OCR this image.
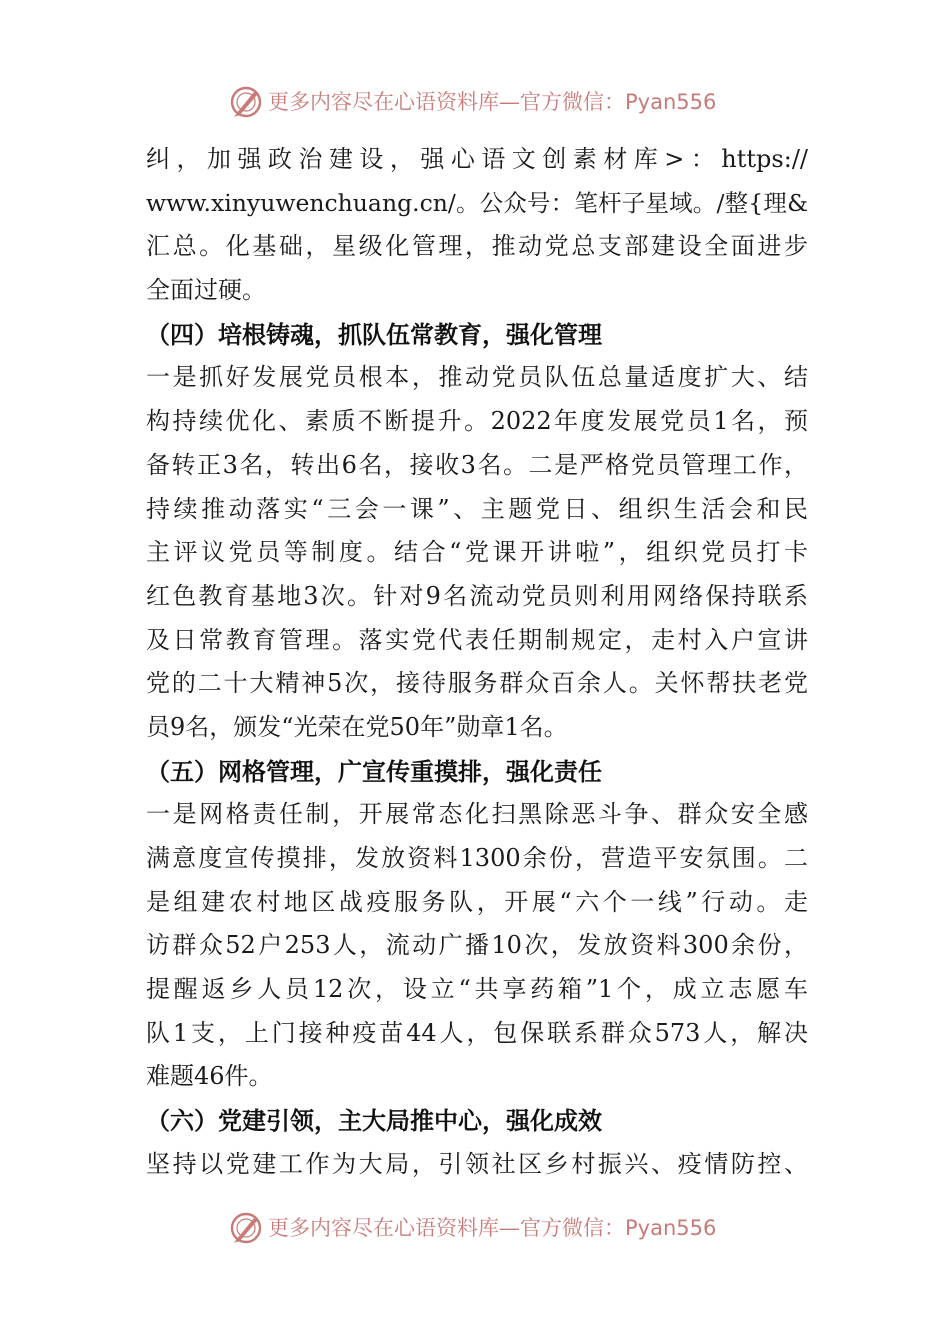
更多内容尽在心语资料库—官方微信：Pyan556
纠，加强政治建设，强心语文创素材库>：https://
www.xinyuwenchuang.cn/。公众号：笔杆子星域。/整{理&
汇总。化基础，星级化管理，推动党总支部建设全面进步
全面过硬。
（四）培根铸魂，抓队伍常教育，强化管理
一是抓好发展党员根本，推动党员队伍总量适度扩大、结
构持续优化、素质不断提升。2022年度发展党员1名，预
备转正3名，转出6名，接收3名。二是严格党员管理工作，
持续推动落实“三会一课”、主题党日、组织生活会和民
主评议党员等制度。结合“党课开讲啦”，组织党员打卡
红色教育基地3次。针对9名流动党员则利用网络保持联系
及日常教育管理。落实党代表任期制规定，走村入户宣讲
党的二十大精神5次，接待服务群众百余人。关怀帮扶老党
员9名，颁发“光荣在党50年”勋章1名。
（五）网格管理，广宣传重摸排，强化责任
一是网格责任制，开展常态化扫黑除恶斗争、群众安全感
满意度宣传摸排，发放资料1300余份，营造平安氛围。二
是组建农村地区战疫服务队，开展“六个一线”行动。走
访群众52户253人，流动广播10次，发放资料300余份，
提醒返乡人员12次，设立“共享药箱”1个，成立志愿车
队1支，上门接种疫苗44人，包保联系群众573人，解决
难题46件。
（六）党建引领，主大局推中心，强化成效
坚持以党建工作为大局，引领社区乡村振兴、疫情防控、
更多内容尽在心语资料库—官方微信：Pyan556
